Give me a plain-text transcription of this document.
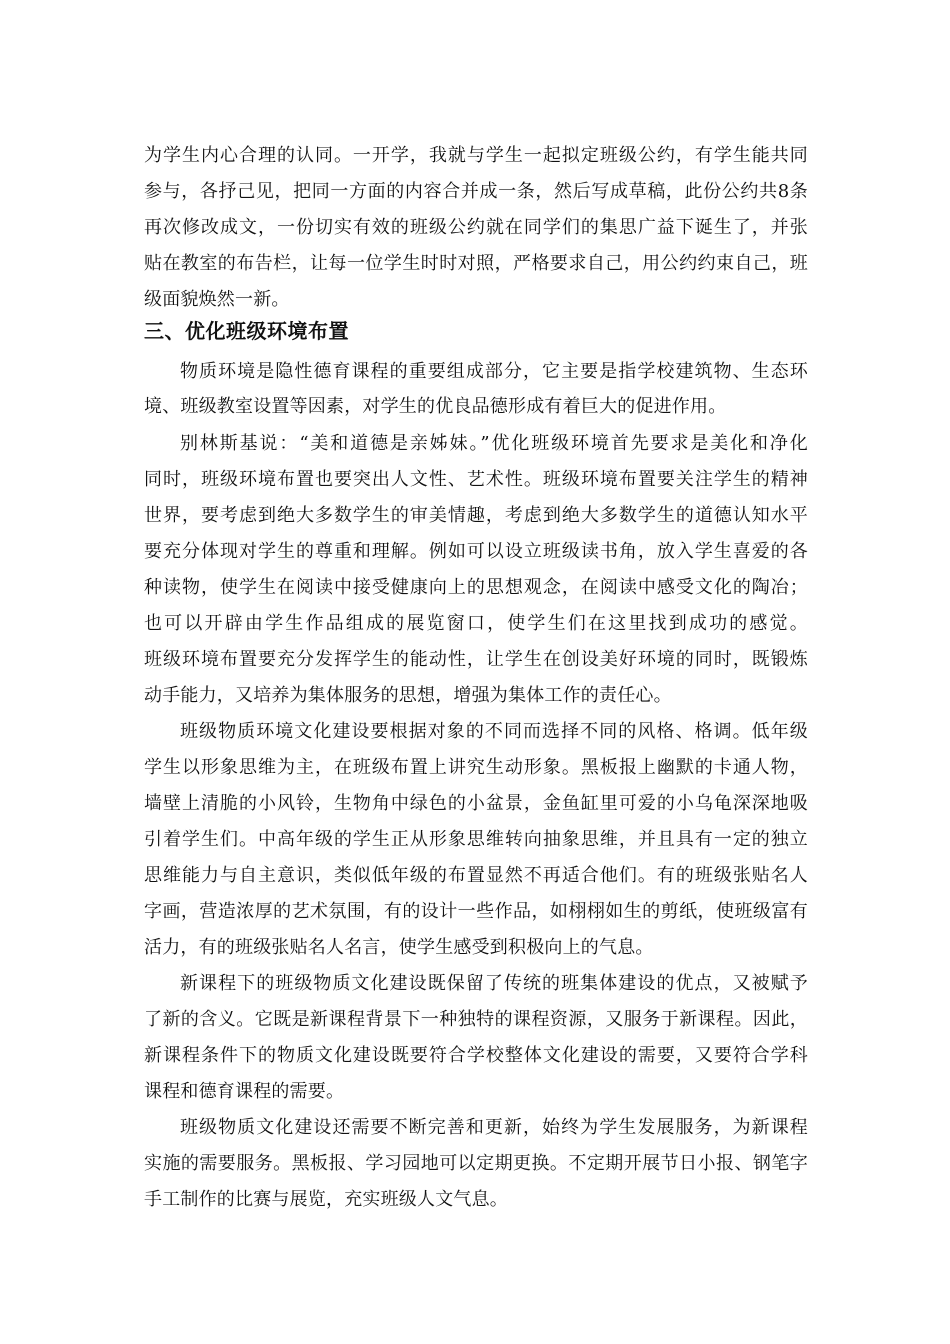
为学生内心合理的认同。一开学，我就与学生一起拟定班级公约，有学生能共同
参与，各抒己见，把同一方面的内容合并成一条，然后写成草稿，此份公约共8条
再次修改成文，一份切实有效的班级公约就在同学们的集思广益下诞生了，并张
贴在教室的布告栏，让每一位学生时时对照，严格要求自己，用公约约束自己，班
级面貌焕然一新。
三、优化班级环境布置
物质环境是隐性德育课程的重要组成部分，它主要是指学校建筑物、生态环
境、班级教室设置等因素，对学生的优良品德形成有着巨大的促进作用。
别林斯基说：“美和道德是亲姊妹。”优化班级环境首先要求是美化和净化
同时，班级环境布置也要突出人文性、艺术性。班级环境布置要关注学生的精神
世界，要考虑到绝大多数学生的审美情趣，考虑到绝大多数学生的道德认知水平
要充分体现对学生的尊重和理解。例如可以设立班级读书角，放入学生喜爱的各
种读物，使学生在阅读中接受健康向上的思想观念，在阅读中感受文化的陶冶；
也可以开辟由学生作品组成的展览窗口，使学生们在这里找到成功的感觉。
班级环境布置要充分发挥学生的能动性，让学生在创设美好环境的同时，既锻炼
动手能力，又培养为集体服务的思想，增强为集体工作的责任心。
班级物质环境文化建设要根据对象的不同而选择不同的风格、格调。低年级
学生以形象思维为主，在班级布置上讲究生动形象。黑板报上幽默的卡通人物，
墙壁上清脆的小风铃，生物角中绿色的小盆景，金鱼缸里可爱的小乌龟深深地吸
引着学生们。中高年级的学生正从形象思维转向抽象思维，并且具有一定的独立
思维能力与自主意识，类似低年级的布置显然不再适合他们。有的班级张贴名人
字画，营造浓厚的艺术氛围，有的设计一些作品，如栩栩如生的剪纸，使班级富有
活力，有的班级张贴名人名言，使学生感受到积极向上的气息。
新课程下的班级物质文化建设既保留了传统的班集体建设的优点，又被赋予
了新的含义。它既是新课程背景下一种独特的课程资源，又服务于新课程。因此，
新课程条件下的物质文化建设既要符合学校整体文化建设的需要，又要符合学科
课程和德育课程的需要。
班级物质文化建设还需要不断完善和更新，始终为学生发展服务，为新课程
实施的需要服务。黑板报、学习园地可以定期更换。不定期开展节日小报、钢笔字
手工制作的比赛与展览，充实班级人文气息。
